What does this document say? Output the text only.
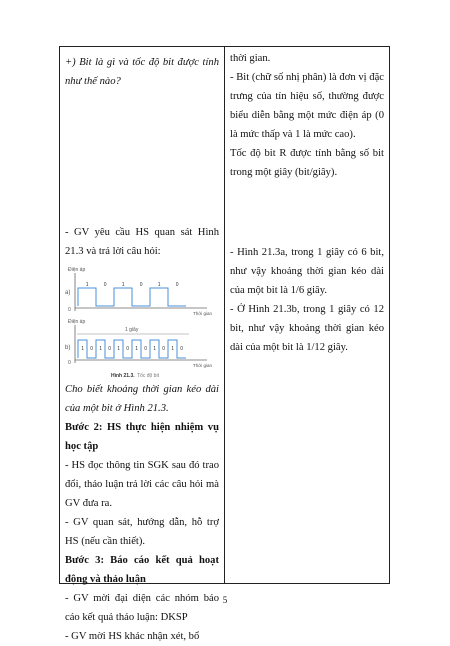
+) Bit là gì và tốc độ bit được tính như thế nào?

- GV yêu cầu HS quan sát Hình 21.3 và trả lời câu hỏi:

Điện áp
0
a)
Thời gian
1	0	1	0	1	0
Điện áp
0
b)
Thời gian
1 giây
1 0 1 0 1 0 1 0 1 0 1 0
Hình 21.3. Tốc độ bit

Cho biết khoảng thời gian kéo dài của một bit ở Hình 21.3.

Bước 2: HS thực hiện nhiệm vụ học tập

- HS đọc thông tin SGK sau đó trao đổi, thảo luận trả lời các câu hỏi mà GV đưa ra.

- GV quan sát, hướng dẫn, hỗ trợ HS (nếu cần thiết).

Bước 3: Báo cáo kết quả hoạt động và thảo luận

- GV mời đại diện các nhóm báo cáo kết quả thảo luận: DKSP

- GV mời HS khác nhận xét, bổ

thời gian.

- Bit (chữ số nhị phân) là đơn vị đặc trưng của tín hiệu số, thường được biểu diễn bằng một mức điện áp (0 là mức thấp và 1 là mức cao).

Tốc độ bit R được tính bằng số bit trong một giây (bit/giây).

- Hình 21.3a, trong 1 giây có 6 bit, như vậy khoảng thời gian kéo dài của một bit là 1/6 giây.

- Ở Hình 21.3b, trong 1 giây có 12 bit, như vậy khoảng thời gian kéo dài của một bit là 1/12 giây.

5
